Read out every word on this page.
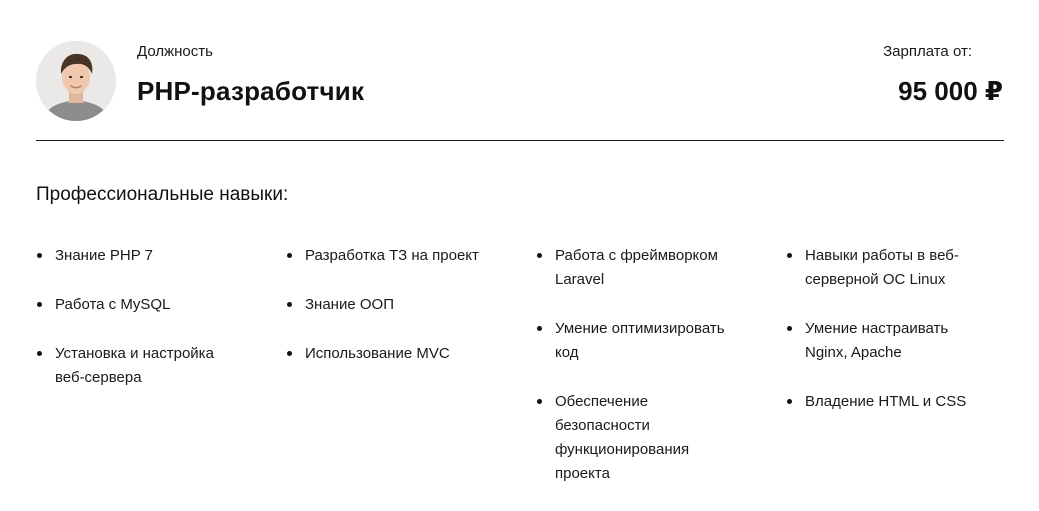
Должность
PHP-разработчик
Зарплата от:
95 000 ₽
Профессиональные навыки:
Знание PHP 7
Работа с MySQL
Установка и настройка веб-сервера
Разработка ТЗ на проект
Знание ООП
Использование MVC
Работа с фреймворком Laravel
Умение оптимизировать код
Обеспечение безопасности функционирования проекта
Навыки работы в веб-серверной ОС Linux
Умение настраивать Nginx, Apache
Владение HTML и CSS
